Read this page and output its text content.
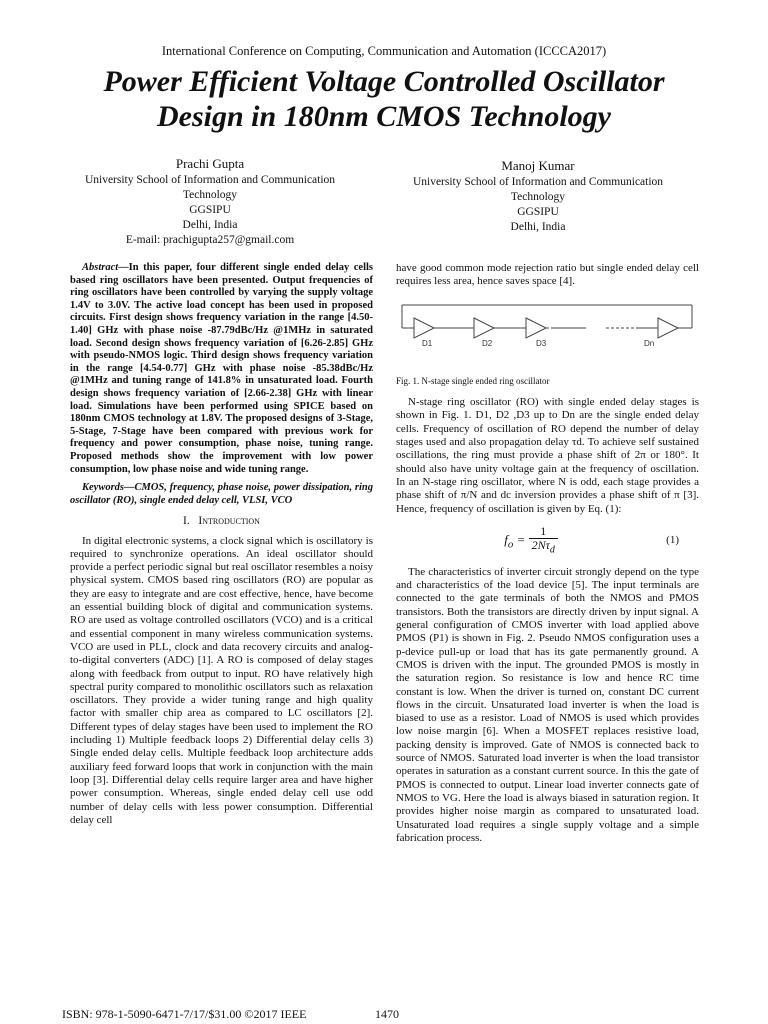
International Conference on Computing, Communication and Automation (ICCCA2017)
Power Efficient Voltage Controlled Oscillator
Design in 180nm CMOS Technology
Prachi Gupta
University School of Information and Communication
Technology
GGSIPU
Delhi, India
E-mail: prachigupta257@gmail.com
Manoj Kumar
University School of Information and Communication
Technology
GGSIPU
Delhi, India

Abstract—In this paper, four different single ended delay cells based ring oscillators have been presented. Output frequencies of ring oscillators have been controlled by varying the supply voltage 1.4V to 3.0V. The active load concept has been used in proposed circuits. First design shows frequency variation in the range [4.50-1.40] GHz with phase noise -87.79dBc/Hz @1MHz in saturated load. Second design shows frequency variation of [6.26-2.85] GHz with pseudo-NMOS logic. Third design shows frequency variation in the range [4.54-0.77] GHz with phase noise -85.38dBc/Hz @1MHz and tuning range of 141.8% in unsaturated load. Fourth design shows frequency variation of [2.66-2.38] GHz with linear load. Simulations have been performed using SPICE based on 180nm CMOS technology at 1.8V. The proposed designs of 3-Stage, 5-Stage, 7-Stage have been compared with previous work for frequency and power consumption, phase noise, tuning range. Proposed methods show the improvement with low power consumption, low phase noise and wide tuning range.

Keywords—CMOS, frequency, phase noise, power dissipation, ring oscillator (RO), single ended delay cell, VLSI, VCO

I. Introduction

In digital electronic systems, a clock signal which is oscillatory is required to synchronize operations. An ideal oscillator should provide a perfect periodic signal but real oscillator resembles a noisy physical system. CMOS based ring oscillators (RO) are popular as they are easy to integrate and are cost effective, hence, have become an essential building block of digital and communication systems. RO are used as voltage controlled oscillators (VCO) and is a critical and essential component in many wireless communication systems. VCO are used in PLL, clock and data recovery circuits and analog-to-digital converters (ADC) [1]. A RO is composed of delay stages along with feedback from output to input. RO have relatively high spectral purity compared to monolithic oscillators such as relaxation oscillators. They provide a wider tuning range and high quality factor with smaller chip area as compared to LC oscillators [2]. Different types of delay stages have been used to implement the RO including 1) Multiple feedback loops 2) Differential delay cells 3) Single ended delay cells. Multiple feedback loop architecture adds auxiliary feed forward loops that work in conjunction with the main loop [3]. Differential delay cells require larger area and have higher power consumption. Whereas, single ended delay cell use odd number of delay cells with less power consumption. Differential delay cell

have good common mode rejection ratio but single ended delay cell requires less area, hence saves space [4].

D1	D2	D3	Dn
Fig. 1. N-stage single ended ring oscillator

N-stage ring oscillator (RO) with single ended delay stages is shown in Fig. 1. D1, D2 ,D3 up to Dn are the single ended delay cells. Frequency of oscillation of RO depend the number of delay stages used and also propagation delay τd. To achieve self sustained oscillations, the ring must provide a phase shift of 2π or 180°. It should also have unity voltage gain at the frequency of oscillation. In an N-stage ring oscillator, where N is odd, each stage provides a phase shift of π/N and dc inversion provides a phase shift of π [3]. Hence, frequency of oscillation is given by Eq. (1):

$f_o = \frac{1}{2N\tau_d}$	(1)

The characteristics of inverter circuit strongly depend on the type and characteristics of the load device [5]. The input terminals are connected to the gate terminals of both the NMOS and PMOS transistors. Both the transistors are directly driven by input signal. A general configuration of CMOS inverter with load applied above PMOS (P1) is shown in Fig. 2. Pseudo NMOS configuration uses a p-device pull-up or load that has its gate permanently ground. A CMOS is driven with the input. The grounded PMOS is mostly in the saturation region. So resistance is low and hence RC time constant is low. When the driver is turned on, constant DC current flows in the circuit. Unsaturated load inverter is when the load is biased to use as a resistor. Load of NMOS is used which provides low noise margin [6]. When a MOSFET replaces resistive load, packing density is improved. Gate of NMOS is connected back to source of NMOS. Saturated load inverter is when the load transistor operates in saturation as a constant current source. In this the gate of PMOS is connected to output. Linear load inverter connects gate of NMOS to VG. Here the load is always biased in saturation region. It provides higher noise margin as compared to unsaturated load. Unsaturated load requires a single supply voltage and a simple fabrication process.

ISBN: 978-1-5090-6471-7/17/$31.00 ©2017 IEEE	1470
